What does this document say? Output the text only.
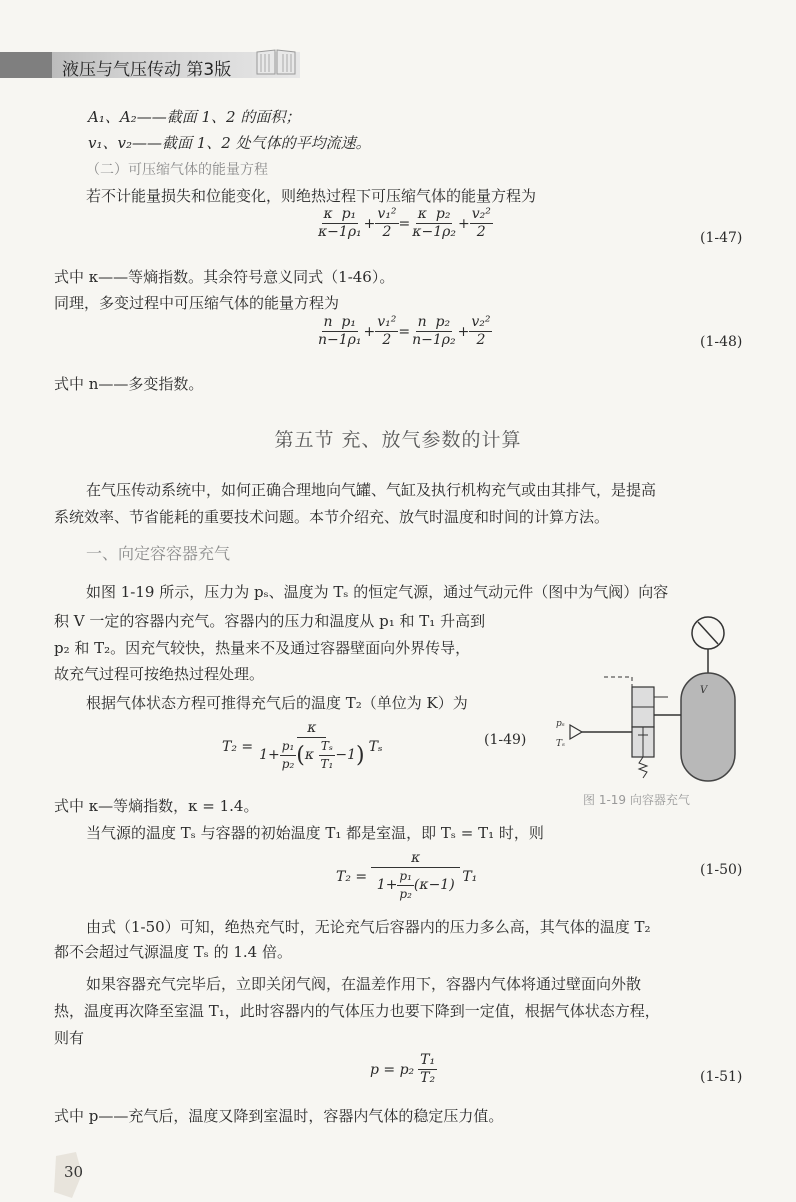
液压与气压传动 第3版
A₁、A₂——截面 1、2 的面积；
v₁、v₂——截面 1、2 处气体的平均流速。
（二）可压缩气体的能量方程
若不计能量损失和位能变化，则绝热过程下可压缩气体的能量方程为
$\frac{\text{κ  p₁}}{\text{κ−1ρ₁}} + \frac{\text{v₁²}}{2} = \frac{\text{κ  p₂}}{\text{κ−1ρ₂}} + \frac{\text{v₂²}}{2}$	(1-47)
式中 κ——等熵指数。其余符号意义同式（1-46）。
同理，多变过程中可压缩气体的能量方程为
$\frac{\text{n  p₁}}{\text{n−1ρ₁}} + \frac{\text{v₁²}}{2} = \frac{\text{n  p₂}}{\text{n−1ρ₂}} + \frac{\text{v₂²}}{2}$	(1-48)
式中 n——多变指数。
第五节 充、放气参数的计算
在气压传动系统中，如何正确合理地向气罐、气缸及执行机构充气或由其排气，是提高
系统效率、节省能耗的重要技术问题。本节介绍充、放气时温度和时间的计算方法。
一、向定容容器充气
如图 1-19 所示，压力为 pₛ、温度为 Tₛ 的恒定气源，通过气动元件（图中为气阀）向容
积 V 一定的容器内充气。容器内的压力和温度从 p₁ 和 T₁ 升高到
p₂ 和 T₂。因充气较快，热量来不及通过容器壁面向外界传导，
故充气过程可按绝热过程处理。
根据气体状态方程可推得充气后的温度 T₂（单位为 K）为
$T_2 = \frac{\kappa}{1+ \frac{\text{p₁}}{\text{p₂}} ( \kappa \frac{\text{Tₛ}}{\text{T₁}} -1 )}$ Tₛ	(1-49)
V
pₛ
Tₛ
图 1-19 向容器充气
式中 κ—等熵指数，κ = 1.4。
当气源的温度 Tₛ 与容器的初始温度 T₁ 都是室温，即 Tₛ = T₁ 时，则
$T_2 = \frac{\kappa}{1+ \frac{\text{p₁}}{\text{p₂}} (\kappa-1)} T_1$	(1-50)
由式（1-50）可知，绝热充气时，无论充气后容器内的压力多么高，其气体的温度 T₂
都不会超过气源温度 Tₛ 的 1.4 倍。
如果容器充气完毕后，立即关闭气阀，在温差作用下，容器内气体将通过壁面向外散
热，温度再次降至室温 T₁，此时容器内的气体压力也要下降到一定值，根据气体状态方程，
则有
$p = p_2 \frac{\text{T₁}}{\text{T₂}}$	(1-51)
式中 p——充气后，温度又降到室温时，容器内气体的稳定压力值。
30
